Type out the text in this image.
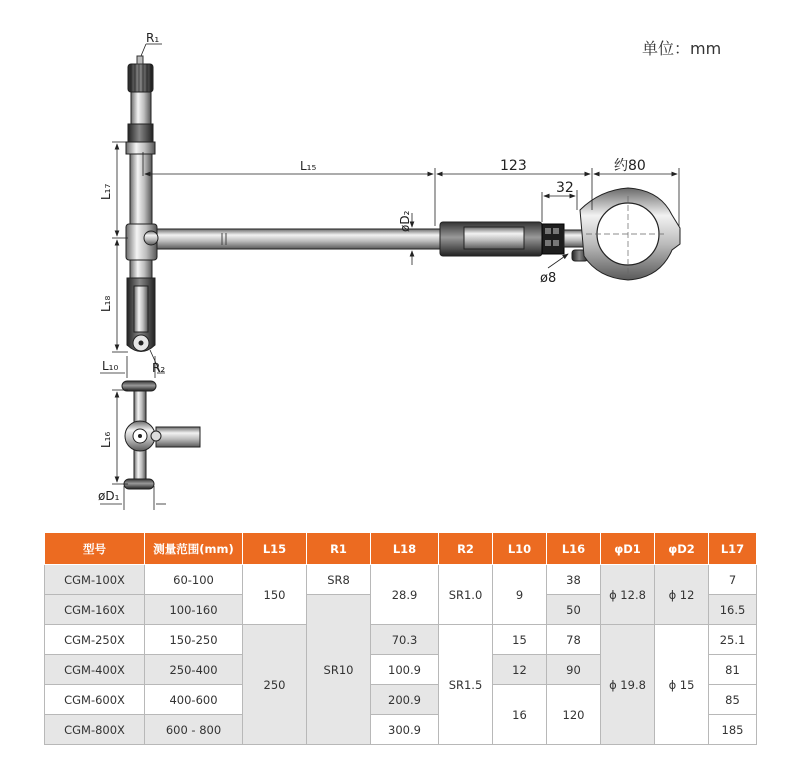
单位：mm
R₁
L₁₇
L₁₅	123	约80
32
øD₂
ø8
L₁₈
L₁₀	R₂
L₁₆
øD₁
型号	测量范围(mm)	L15	R1	L18	R2	L10	L16	φD1	φD2	L17
CGM-100X	60-100	150	SR8	28.9	SR1.0	9	38	ϕ 12.8	ϕ 12	7
CGM-160X	100-160		SR10				50			16.5
CGM-250X	150-250	250		70.3	SR1.5	15	78	ϕ 19.8	ϕ 15	25.1
CGM-400X	250-400			100.9		12	90			81
CGM-600X	400-600			200.9		16	120			85
CGM-800X	600 - 800			300.9						185
